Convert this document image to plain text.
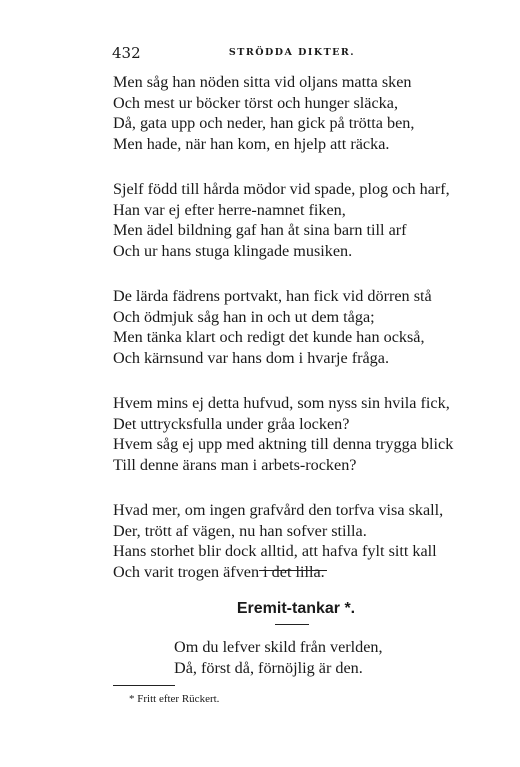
432	STRÖDDA DIKTER.
Men såg han nöden sitta vid oljans matta sken
Och mest ur böcker törst och hunger släcka,
Då, gata upp och neder, han gick på trötta ben,
Men hade, när han kom, en hjelp att räcka.
Sjelf född till hårda mödor vid spade, plog och harf,
Han var ej efter herre-namnet fiken,
Men ädel bildning gaf han åt sina barn till arf
Och ur hans stuga klingade musiken.
De lärda fädrens portvakt, han fick vid dörren stå
Och ödmjuk såg han in och ut dem tåga;
Men tänka klart och redigt det kunde han också,
Och kärnsund var hans dom i hvarje fråga.
Hvem mins ej detta hufvud, som nyss sin hvila fick,
Det uttrycksfulla under gråa locken?
Hvem såg ej upp med aktning till denna trygga blick
Till denne ärans man i arbets-rocken?
Hvad mer, om ingen grafvård den torfva visa skall,
Der, trött af vägen, nu han sofver stilla.
Hans storhet blir dock alltid, att hafva fylt sitt kall
Och varit trogen äfven i det lilla.
Eremit-tankar *.
Om du lefver skild från verlden,
Då, först då, förnöjlig är den.
* Fritt efter Rückert.
